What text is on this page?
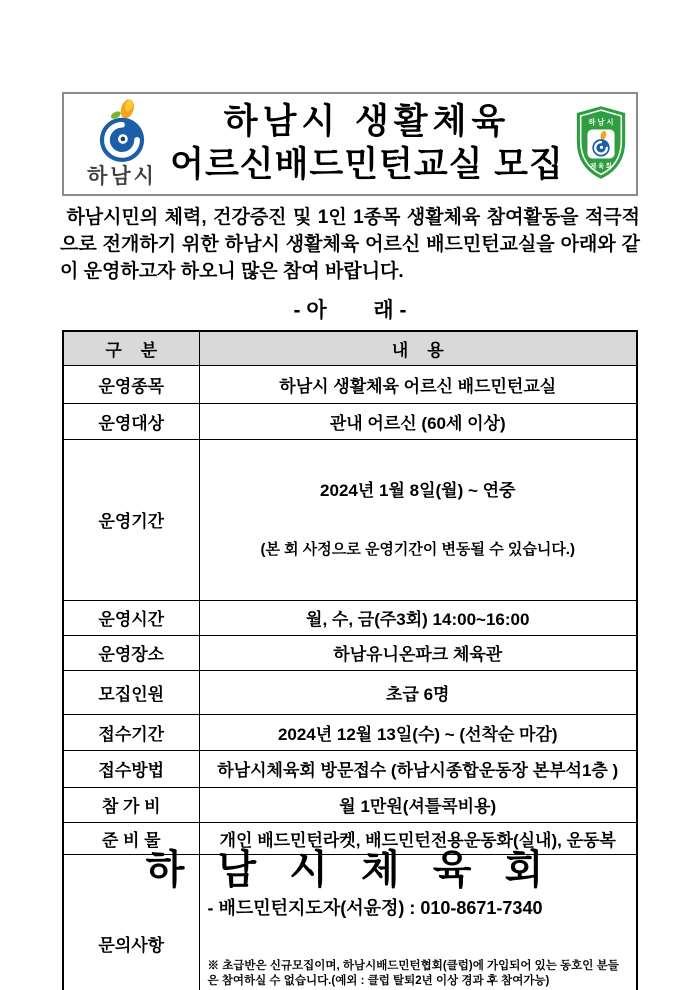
하남시
하남시 생활체육
어르신배드민턴교실 모집
하 남 시
체 육 회

하남시민의 체력, 건강증진 및 1인 1종목 생활체육 참여활동을 적극적으로 전개하기 위한 하남시 생활체육 어르신 배드민턴교실을 아래와 같이 운영하고자 하오니 많은 참여 바랍니다.

- 아        래 -
구    분	내    용
운영종목	하남시 생활체육 어르신 배드민턴교실
운영대상	관내 어르신 (60세 이상)
운영기간	2024년 1월 8일(월) ~ 연중

(본 회 사정으로 운영기간이 변동될 수 있습니다.)

운영시간	월, 수, 금(주3회) 14:00~16:00
운영장소	하남유니온파크 체육관
모집인원	초급 6명
접수기간	2024년 12월 13일(수) ~ (선착순 마감)
접수방법	하남시체육회 방문접수 (하남시종합운동장 본부석1층 )
참 가 비	월 1만원(셔틀콕비용)
준 비 물	개인 배드민턴라켓, 배드민턴전용운동화(실내), 운동복
문의사항	- 배드민턴지도자(서윤정) : 010-8671-7340

※ 초급반은 신규모집이며, 하남시배드민턴협회(클럽)에 가입되어 있는 동호인 분들은 참여하실 수 없습니다.(예외 : 클럽 탈퇴2년 이상 경과 후 참여가능)

하 남 시 체 육 회
